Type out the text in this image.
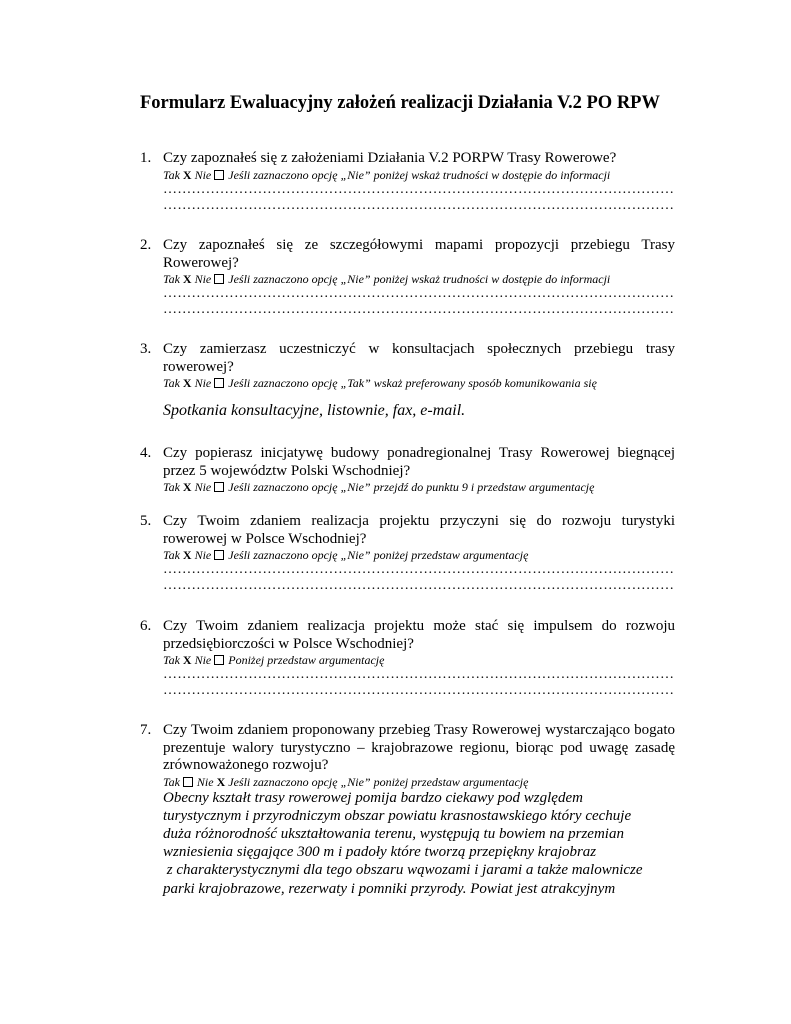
Formularz Ewaluacyjny założeń realizacji Działania V.2 PO RPW
1. Czy zapoznałeś się z założeniami Działania V.2 PORPW Trasy Rowerowe?
Tak X Nie Jeśli zaznaczono opcję „Nie” poniżej wskaż trudności w dostępie do informacji
………………………………………………………………………………………………
………………………………………………………………………………………………
2. Czy zapoznałeś się ze szczegółowymi mapami propozycji przebiegu Trasy Rowerowej?
Tak X Nie Jeśli zaznaczono opcję „Nie” poniżej wskaż trudności w dostępie do informacji
………………………………………………………………………………………………
………………………………………………………………………………………………
3. Czy zamierzasz uczestniczyć w konsultacjach społecznych przebiegu trasy rowerowej?
Tak X Nie Jeśli zaznaczono opcję „Tak” wskaż preferowany sposób komunikowania się
Spotkania konsultacyjne, listownie, fax, e-mail.
4. Czy popierasz inicjatywę budowy ponadregionalnej Trasy Rowerowej biegnącej przez 5 województw Polski Wschodniej?
Tak X Nie Jeśli zaznaczono opcję „Nie” przejdź do punktu 9 i przedstaw argumentację
5. Czy Twoim zdaniem realizacja projektu przyczyni się do rozwoju turystyki rowerowej w Polsce Wschodniej?
Tak X Nie Jeśli zaznaczono opcję „Nie” poniżej przedstaw argumentację
………………………………………………………………………………………………
………………………………………………………………………………………………
6. Czy Twoim zdaniem realizacja projektu może stać się impulsem do rozwoju przedsiębiorczości w Polsce Wschodniej?
Tak X Nie Poniżej przedstaw argumentację
………………………………………………………………………………………………
………………………………………………………………………………………………
7. Czy Twoim zdaniem proponowany przebieg Trasy Rowerowej wystarczająco bogato prezentuje walory turystyczno – krajobrazowe regionu, biorąc pod uwagę zasadę zrównoważonego rozwoju?
Tak Nie X Jeśli zaznaczono opcję „Nie” poniżej przedstaw argumentację
Obecny kształt trasy rowerowej pomija bardzo ciekawy pod względem
turystycznym i przyrodniczym obszar powiatu krasnostawskiego który cechuje
duża różnorodność ukształtowania terenu, występują tu bowiem na przemian
wzniesienia sięgające 300 m i padoły które tworzą przepiękny krajobraz
z charakterystycznymi dla tego obszaru wąwozami i jarami a także malownicze
parki krajobrazowe, rezerwaty i pomniki przyrody. Powiat jest atrakcyjnym
